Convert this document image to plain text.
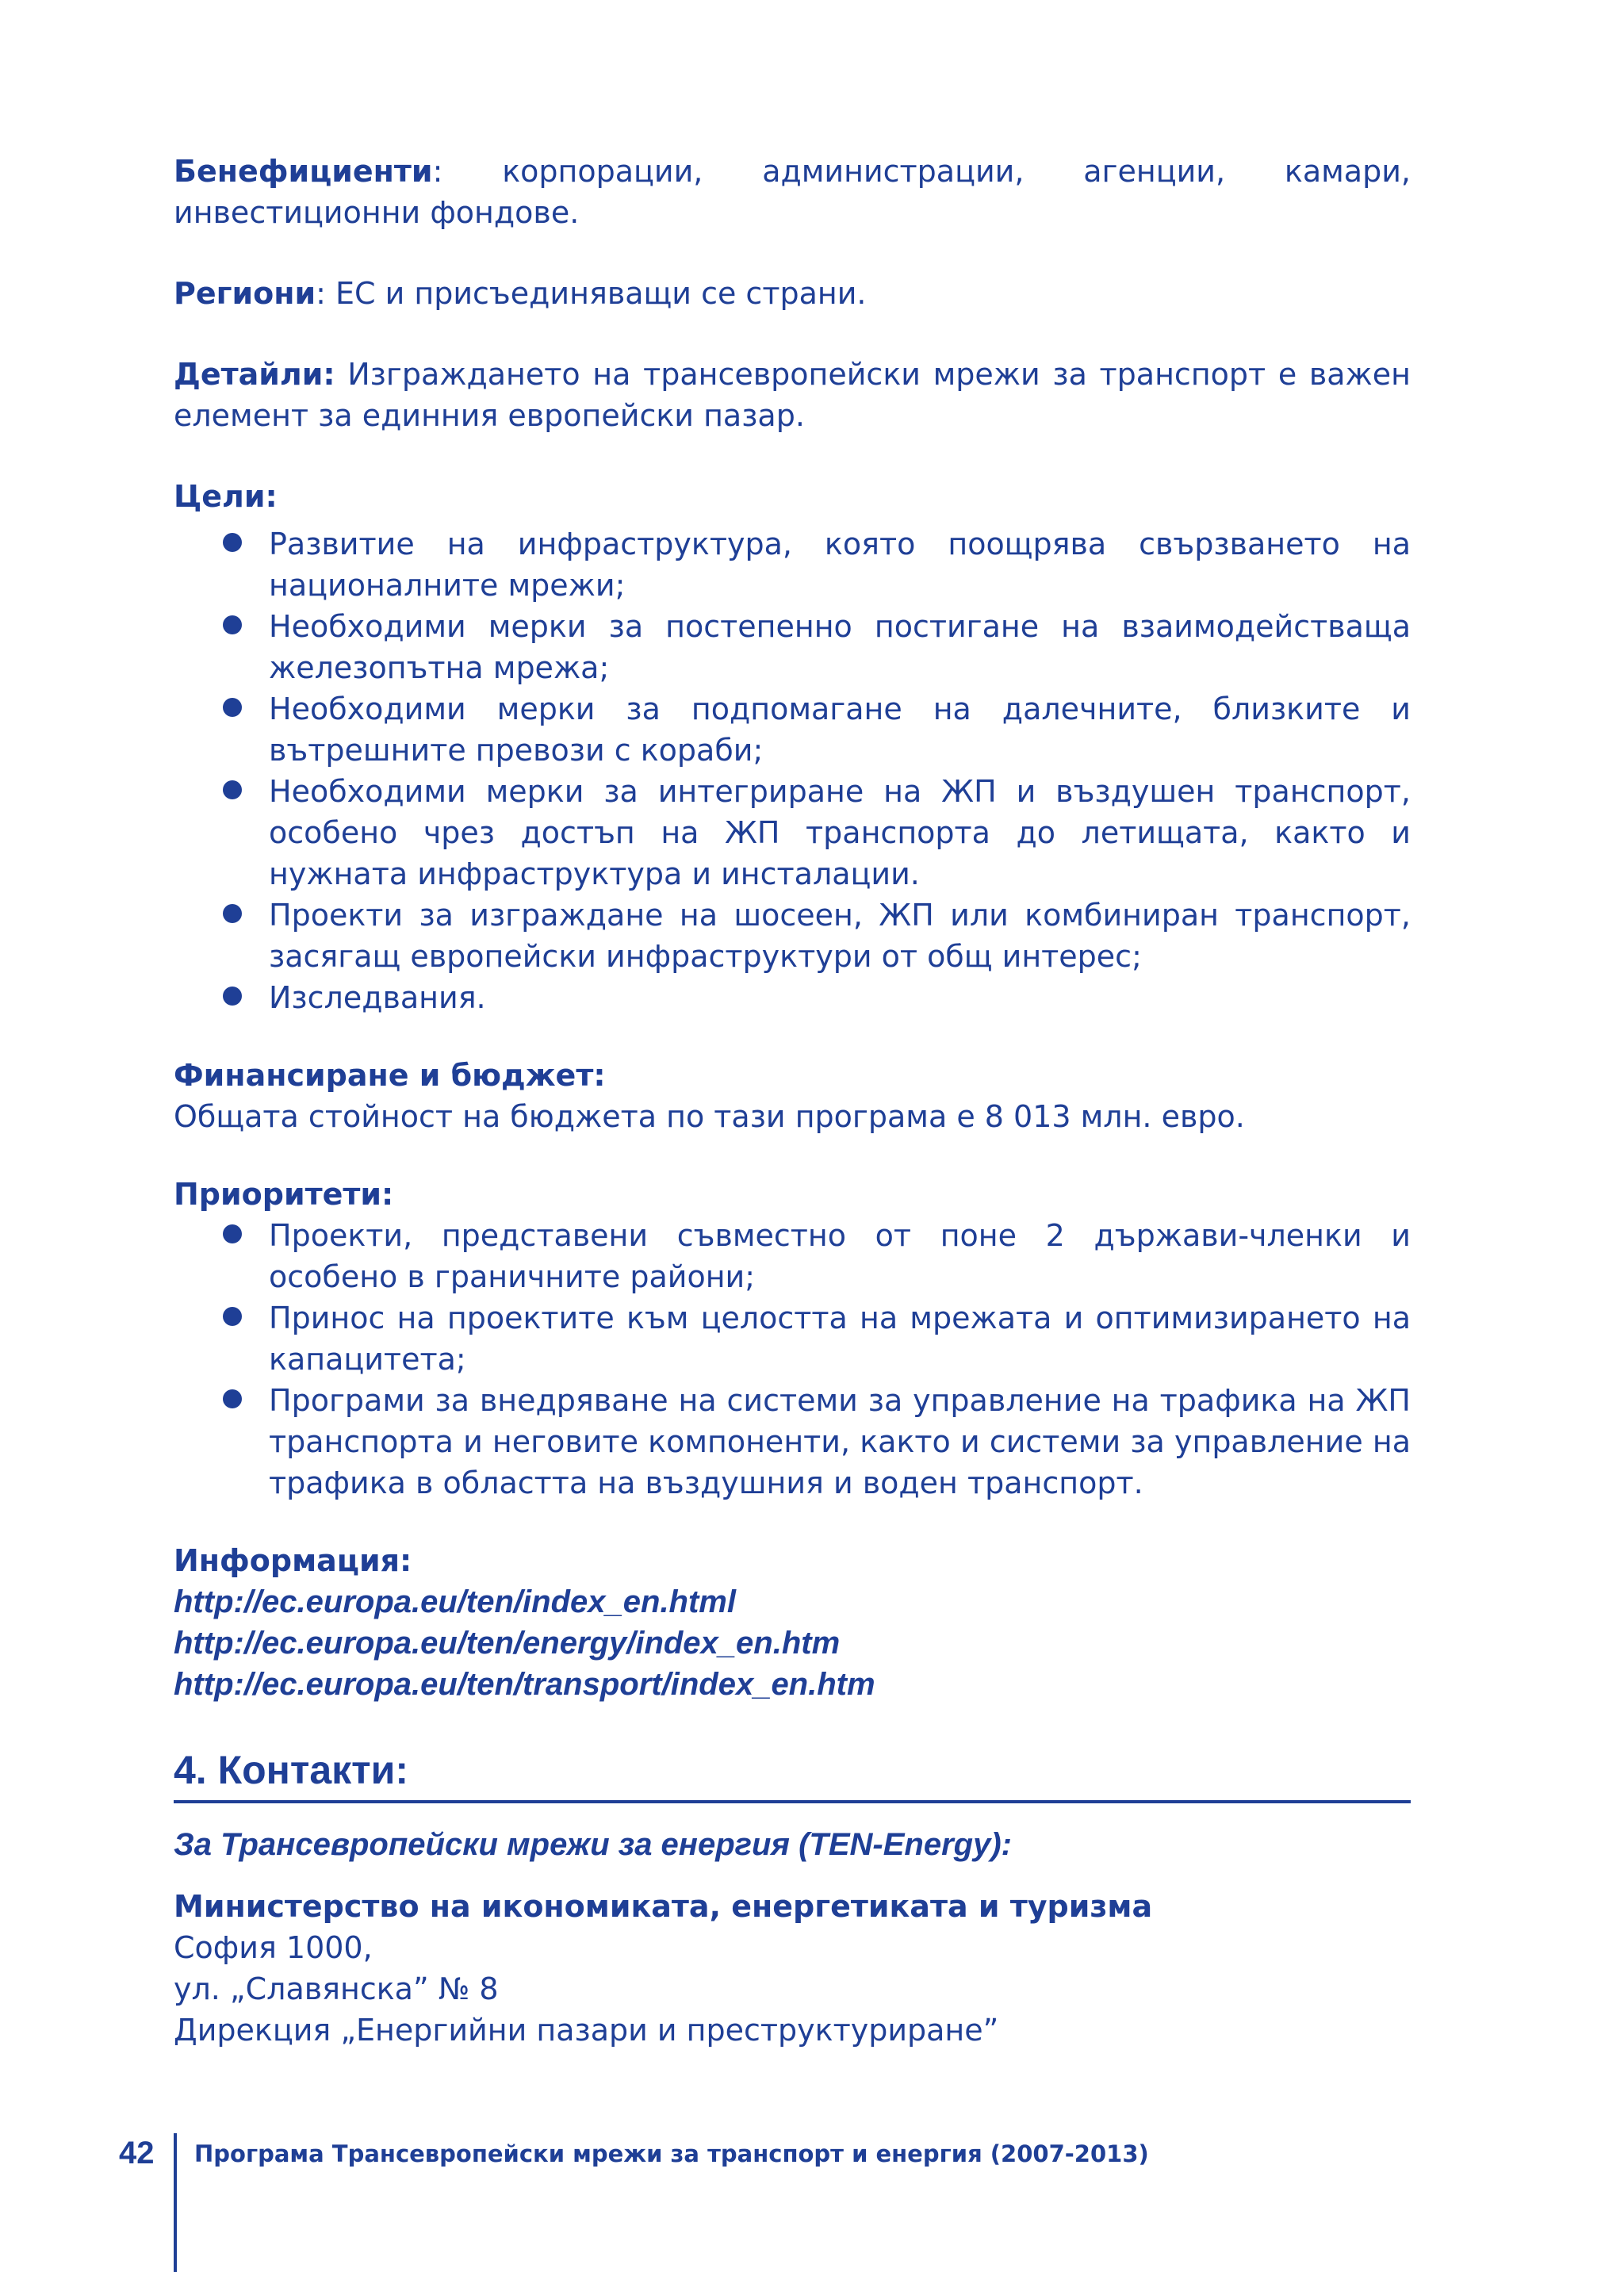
Бенефициенти: корпорации, администрации, агенции, камари, инвестиционни фондове.

Региони: ЕС и присъединяващи се страни.

Детайли: Изграждането на трансевропейски мрежи за транспорт е важен елемент за единния европейски пазар.

Цели:

Развитие на инфраструктура, която поощрява свързването на националните мрежи;
Необходими мерки за постепенно постигане на взаимодействаща железопътна мрежа;
Необходими мерки за подпомагане на далечните, близките и вътрешните превози с кораби;
Необходими мерки за интегриране на ЖП и въздушен транспорт, особено чрез достъп на ЖП транспорта до летищата, както и нужната инфраструктура и инсталации.
Проекти за изграждане на шосеен, ЖП или комбиниран транспорт, засягащ европейски инфраструктури от общ интерес;
Изследвания.

Финансиране и бюджет:

Общата стойност на бюджета по тази програма е 8 013 млн. евро.

Приоритети:

Проекти, представени съвместно от поне 2 държави-членки и особено в граничните райони;
Принос на проектите към целостта на мрежата и оптимизирането на капацитета;
Програми за внедряване на системи за управление на трафика на ЖП транспорта и неговите компоненти, както и системи за управление на трафика в областта на въздушния и воден транспорт.

Информация:

http://ec.europa.eu/ten/index_en.html
http://ec.europa.eu/ten/energy/index_en.htm
http://ec.europa.eu/ten/transport/index_en.htm
4. Контакти:

За Трансевропейски мрежи за енергия (TEN-Energy):

Министерство на икономиката, енергетиката и туризма

София 1000,

ул. „Славянска” № 8

Дирекция „Енергийни пазари и преструктуриране”

42 Програма Трансевропейски мрежи за транспорт и енергия (2007-2013)
